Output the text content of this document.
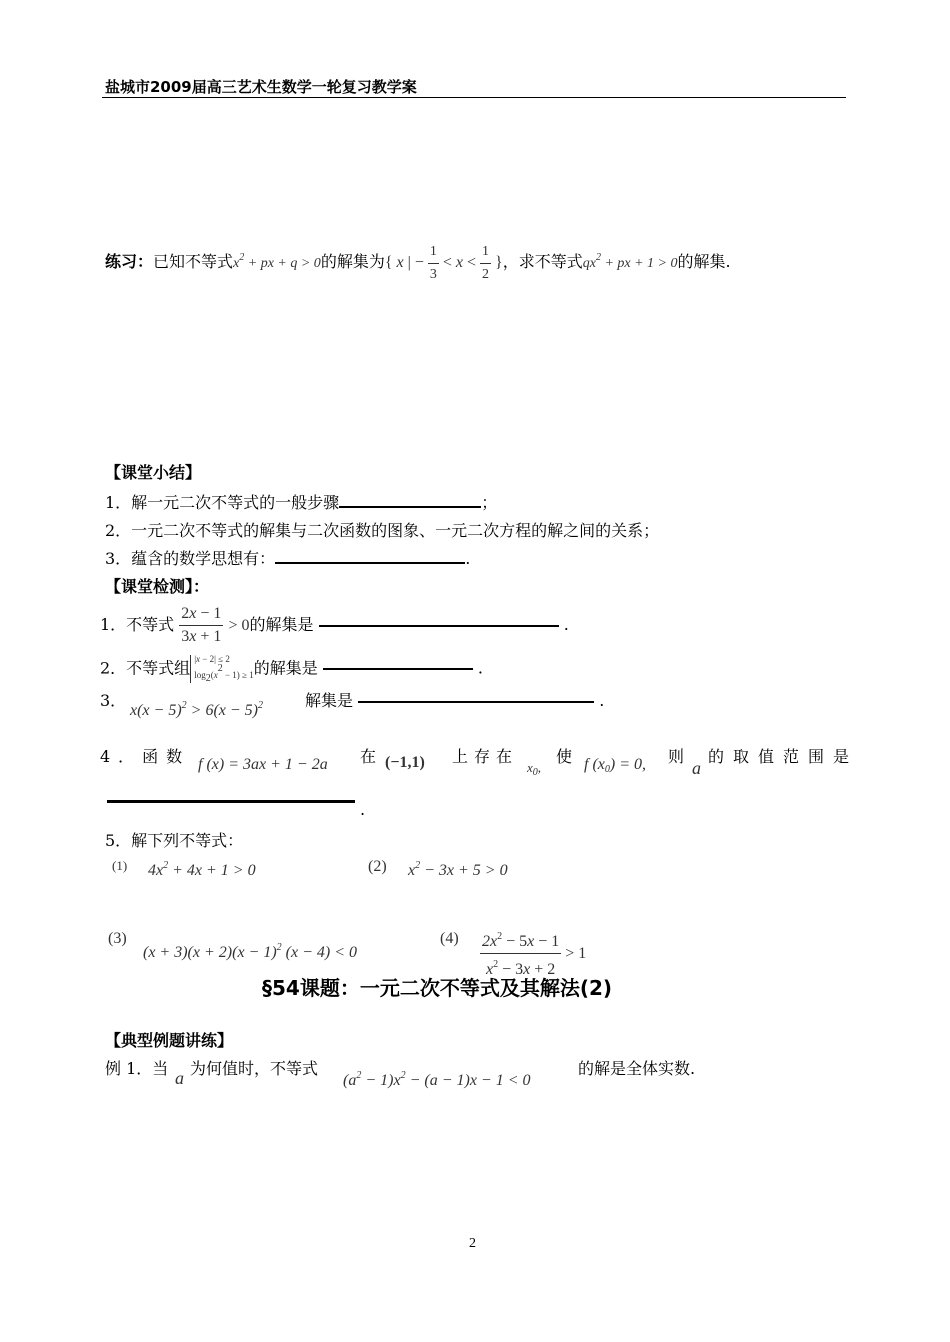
盐城市2009届高三艺术生数学一轮复习教学案
练习：已知不等式$x^2$ + px + q > 0的解集为{ x | − $\frac{1}{3} < x < \frac{1}{2}$ }，求不等式$qx^2$ + px + 1 > 0的解集.
【课堂小结】
1．解一元二次不等式的一般步骤	；
2．一元二次不等式的解集与二次函数的图象、一元二次方程的解之间的关系；
3．蕴含的数学思想有：	.
【课堂检测】：
1．不等式 $\frac{2x - 1}{3x + 1} > 0$的解集是	.
2．不等式组 |x − 2| ≤ 2
$\log_2(x^2 - 1) \ge 1$ 的解集是	.
3．
$x(x - 5)^2 > 6(x - 5)^2$	解集是	.
4．函数 f (x) = 3ax + 1 − 2a 在 (−1,1) 上存在
$x_0$,
使 f $(x_0) = 0$, 则
a
的取值范围是
.
5．解下列不等式：
(1) $4x^2 + 4x + 1 > 0$	(2) $x^2 - 3x + 5 > 0$
(3)
$(x + 3)(x + 2)(x - 1)^2$ (x − 4) < 0
$(4) \frac{2x^2 - 5x - 1}{x^2 - 3x + 2} > 1$
§54课题：一元二次不等式及其解法(2)
【典型例题讲练】
例 1．当 a 为何值时，不等式
$(a^2 - 1)x^2 - (a - 1)x - 1 < 0$
的解是全体实数.
2
